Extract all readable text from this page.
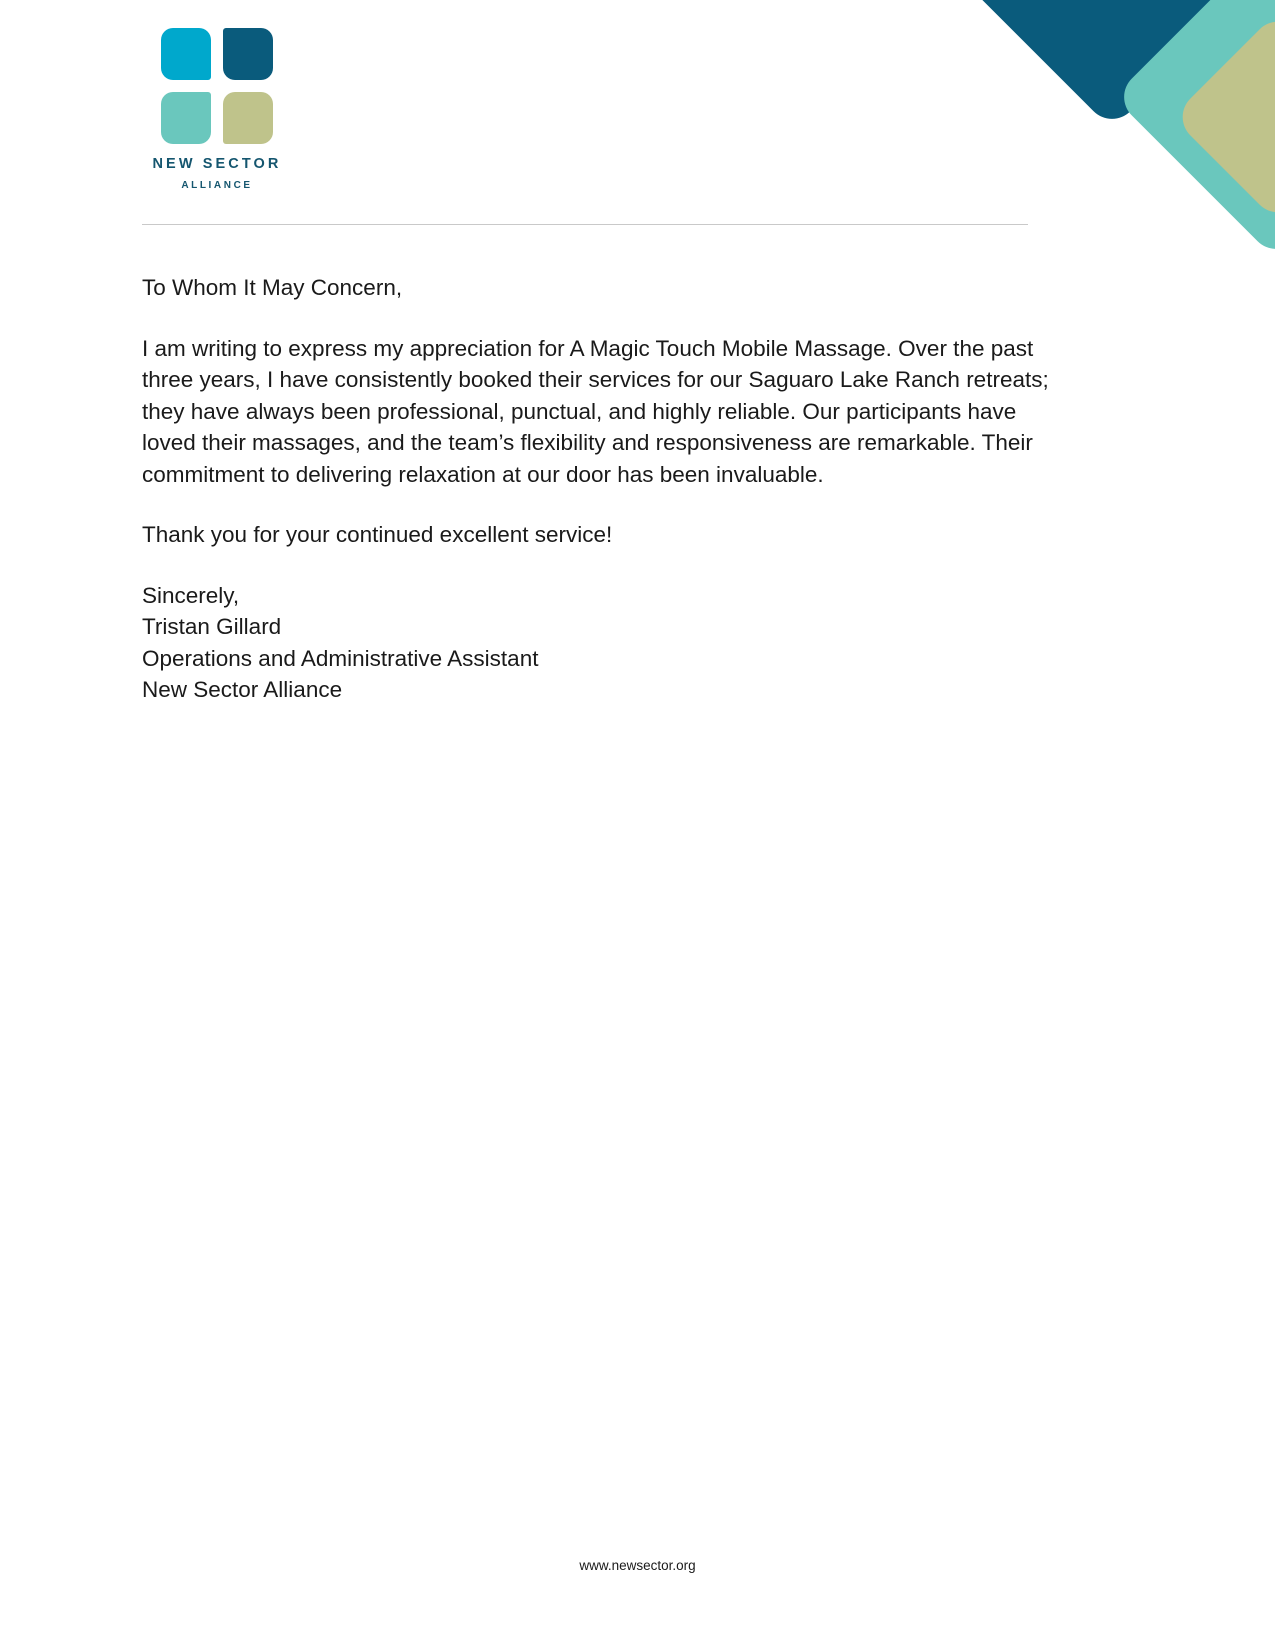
NEW SECTOR
ALLIANCE

To Whom It May Concern,

I am writing to express my appreciation for A Magic Touch Mobile Massage. Over the past three years, I have consistently booked their services for our Saguaro Lake Ranch retreats; they have always been professional, punctual, and highly reliable. Our participants have loved their massages, and the team’s flexibility and responsiveness are remarkable. Their commitment to delivering relaxation at our door has been invaluable.

Thank you for your continued excellent service!

Sincerely,
Tristan Gillard
Operations and Administrative Assistant
New Sector Alliance

www.newsector.org
